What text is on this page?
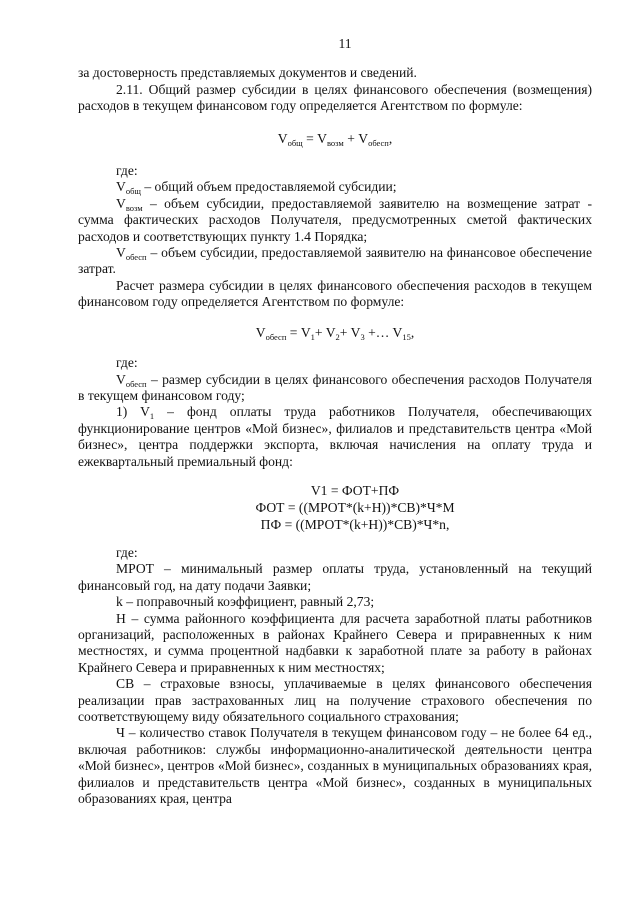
11

за достоверность представляемых документов и сведений.

2.11. Общий размер субсидии в целях финансового обеспечения (возмещения) расходов в текущем финансовом году определяется Агентством по формуле:

$V_{общ} = V_{возм} + V_{обесп}$,

где:

$V_{общ}$ – общий объем предоставляемой субсидии;

$V_{возм}$ – объем субсидии, предоставляемой заявителю на возмещение затрат - сумма фактических расходов Получателя, предусмотренных сметой фактических расходов и соответствующих пункту 1.4 Порядка;

$V_{обесп}$ – объем субсидии, предоставляемой заявителю на финансовое обеспечение затрат.

Расчет размера субсидии в целях финансового обеспечения расходов в текущем финансовом году определяется Агентством по формуле:

$V_{обесп} = V_1+ V_2+ V_3$ +… $V_{15}$,

где:

$V_{обесп}$ – размер субсидии в целях финансового обеспечения расходов Получателя в текущем финансовом году;

1) $V_1$ – фонд оплаты труда работников Получателя, обеспечивающих функционирование центров «Мой бизнес», филиалов и представительств центра «Мой бизнес», центра поддержки экспорта, включая начисления на оплату труда и ежеквартальный премиальный фонд:

V1 = ФОТ+ПФ
ФОТ = ((МРОТ*(k+Н))*СВ)*Ч*М
ПФ = ((МРОТ*(k+Н))*СВ)*Ч*n,

где:

МРОТ – минимальный размер оплаты труда, установленный на текущий финансовый год, на дату подачи Заявки;

k – поправочный коэффициент, равный 2,73;

Н – сумма районного коэффициента для расчета заработной платы работников организаций, расположенных в районах Крайнего Севера и приравненных к ним местностях, и сумма процентной надбавки к заработной плате за работу в районах Крайнего Севера и приравненных к ним местностях;

СВ – страховые взносы, уплачиваемые в целях финансового обеспечения реализации прав застрахованных лиц на получение страхового обеспечения по соответствующему виду обязательного социального страхования;

Ч – количество ставок Получателя в текущем финансовом году – не более 64 ед., включая работников: службы информационно-аналитической деятельности центра «Мой бизнес», центров «Мой бизнес», созданных в муниципальных образованиях края, филиалов и представительств центра «Мой бизнес», созданных в муниципальных образованиях края, центра
